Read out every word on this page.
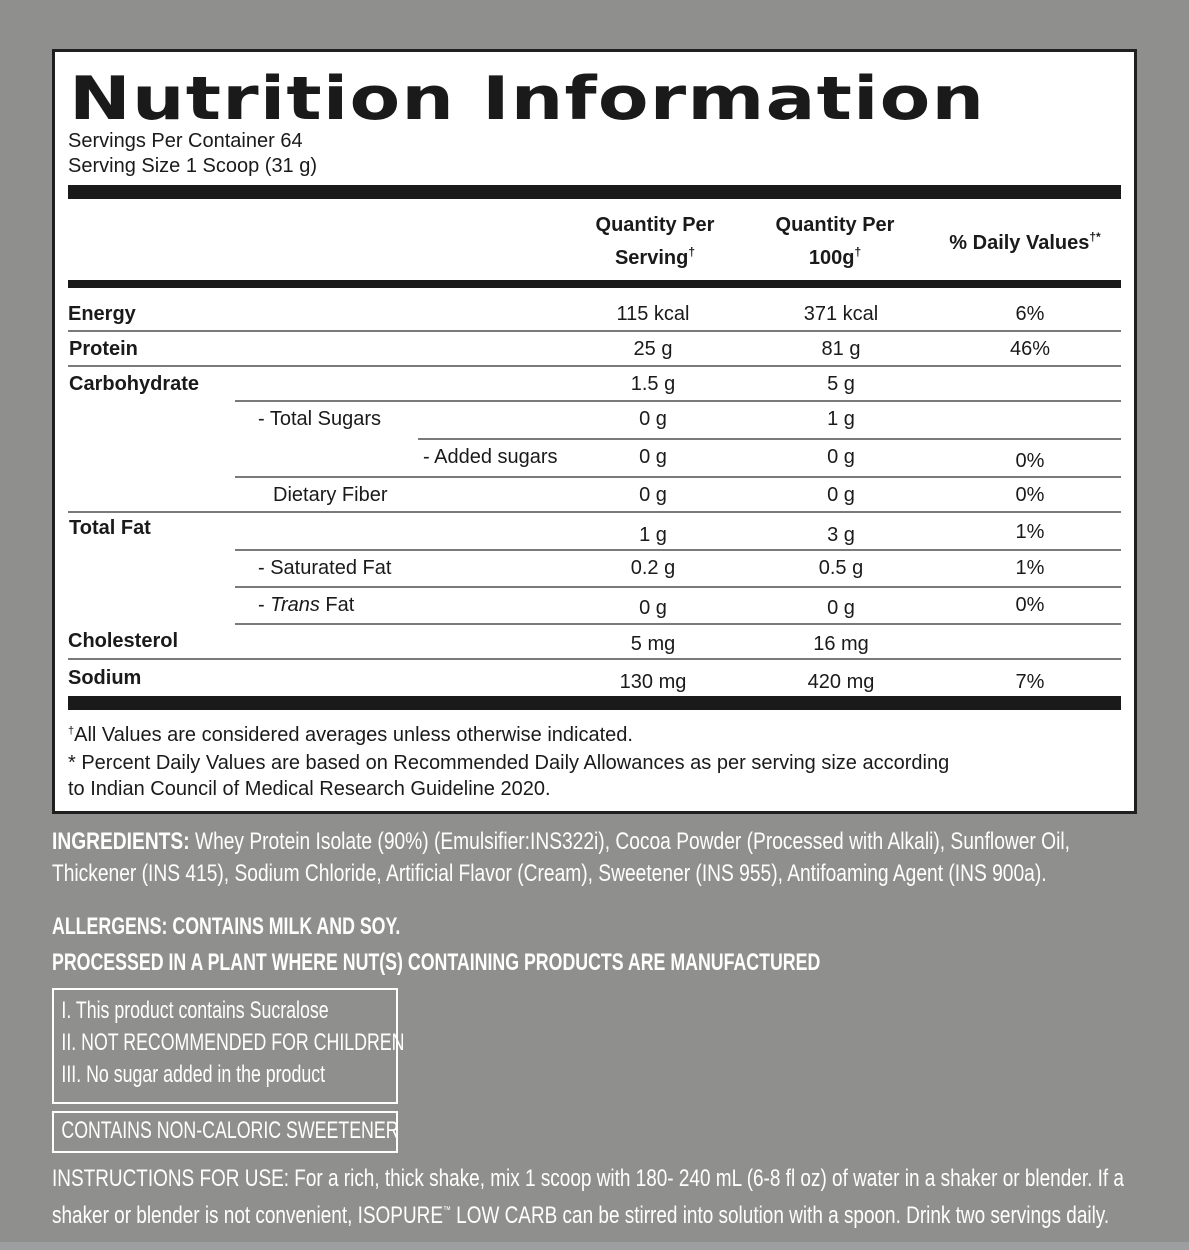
Nutrition Information
Servings Per Container 64
Serving Size 1 Scoop (31 g)
Quantity Per
Serving†
Quantity Per
100g†	% Daily Values†*
Energy	115 kcal	371 kcal	6%
Protein	25 g	81 g	46%
Carbohydrate	1.5 g	5 g
- Total Sugars	0 g	1 g
- Added sugars	0 g	0 g	0%
Dietary Fiber	0 g	0 g	0%
Total Fat	1 g	3 g	1%
- Saturated Fat	0.2 g	0.5 g	1%
- Trans Fat	0 g	0 g	0%
Cholesterol	5 mg	16 mg
Sodium	130 mg	420 mg	7%
†All Values are considered averages unless otherwise indicated.
* Percent Daily Values are based on Recommended Daily Allowances as per serving size according
to Indian Council of Medical Research Guideline 2020.
INGREDIENTS: Whey Protein Isolate (90%) (Emulsifier:INS322i), Cocoa Powder (Processed with Alkali), Sunflower Oil, Thickener (INS 415), Sodium Chloride, Artificial Flavor (Cream), Sweetener (INS 955), Antifoaming Agent (INS 900a).
ALLERGENS: CONTAINS MILK AND SOY.
PROCESSED IN A PLANT WHERE NUT(S) CONTAINING PRODUCTS ARE MANUFACTURED
I. This product contains Sucralose
II. NOT RECOMMENDED FOR CHILDREN
III. No sugar added in the product
CONTAINS NON-CALORIC SWEETENER
INSTRUCTIONS FOR USE: For a rich, thick shake, mix 1 scoop with 180- 240 mL (6-8 fl oz) of water in a shaker or blender. If a shaker or blender is not convenient, ISOPURE™ LOW CARB can be stirred into solution with a spoon. Drink two servings daily.
